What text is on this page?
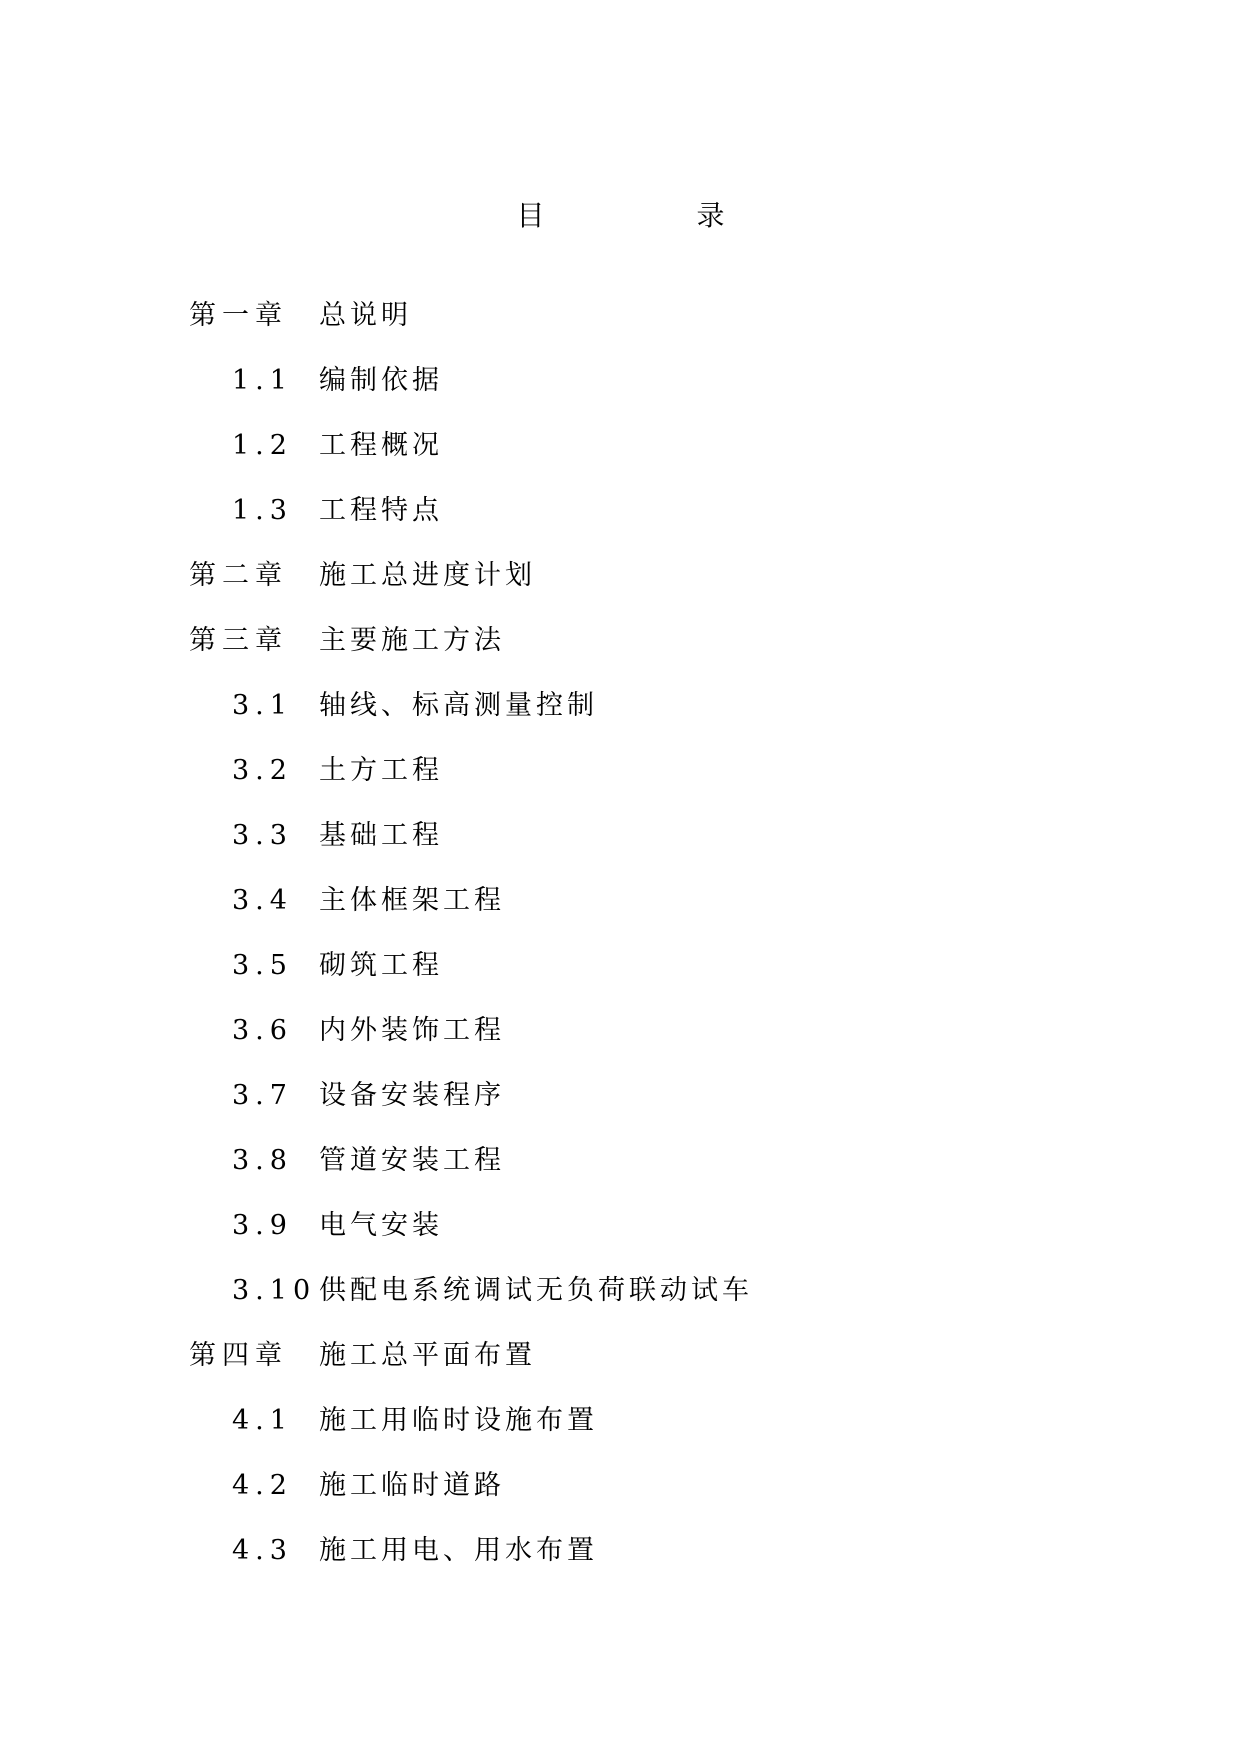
目　录
第一章 总说明
1.1 编制依据
1.2 工程概况
1.3 工程特点
第二章 施工总进度计划
第三章 主要施工方法
3.1 轴线、标高测量控制
3.2 土方工程
3.3 基础工程
3.4 主体框架工程
3.5 砌筑工程
3.6 内外装饰工程
3.7 设备安装程序
3.8 管道安装工程
3.9 电气安装
3.10 供配电系统调试无负荷联动试车
第四章 施工总平面布置
4.1 施工用临时设施布置
4.2 施工临时道路
4.3 施工用电、用水布置
